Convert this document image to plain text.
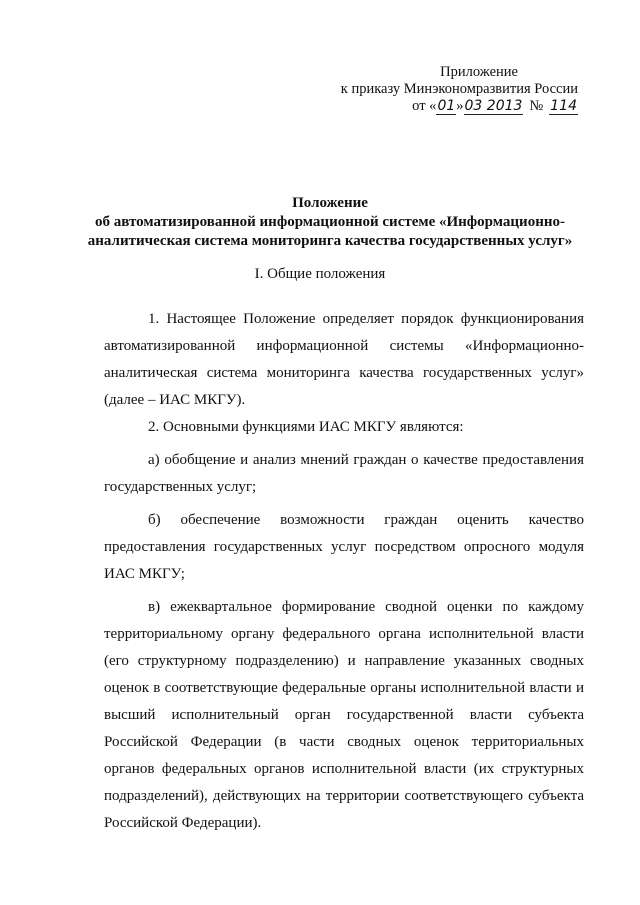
Приложение
к приказу Минэкономразвития России
от «01»03 2013 № 114
Положение
об автоматизированной информационной системе «Информационно-
аналитическая система мониторинга качества государственных услуг»
I. Общие положения

1. Настоящее Положение определяет порядок функционирования

автоматизированной информационной системы «Информационно-

аналитическая система мониторинга качества государственных услуг»

(далее – ИАС МКГУ).

2. Основными функциями ИАС МКГУ являются:

а) обобщение и анализ мнений граждан о качестве предоставления

государственных услуг;

б) обеспечение возможности граждан оценить качество

предоставления государственных услуг посредством опросного модуля

ИАС МКГУ;

в) ежеквартальное формирование сводной оценки по каждому

территориальному органу федерального органа исполнительной власти

(его структурному подразделению) и направление указанных сводных

оценок в соответствующие федеральные органы исполнительной власти и

высший исполнительный орган государственной власти субъекта

Российской Федерации (в части сводных оценок территориальных

органов федеральных органов исполнительной власти (их структурных

подразделений), действующих на территории соответствующего субъекта

Российской Федерации).
